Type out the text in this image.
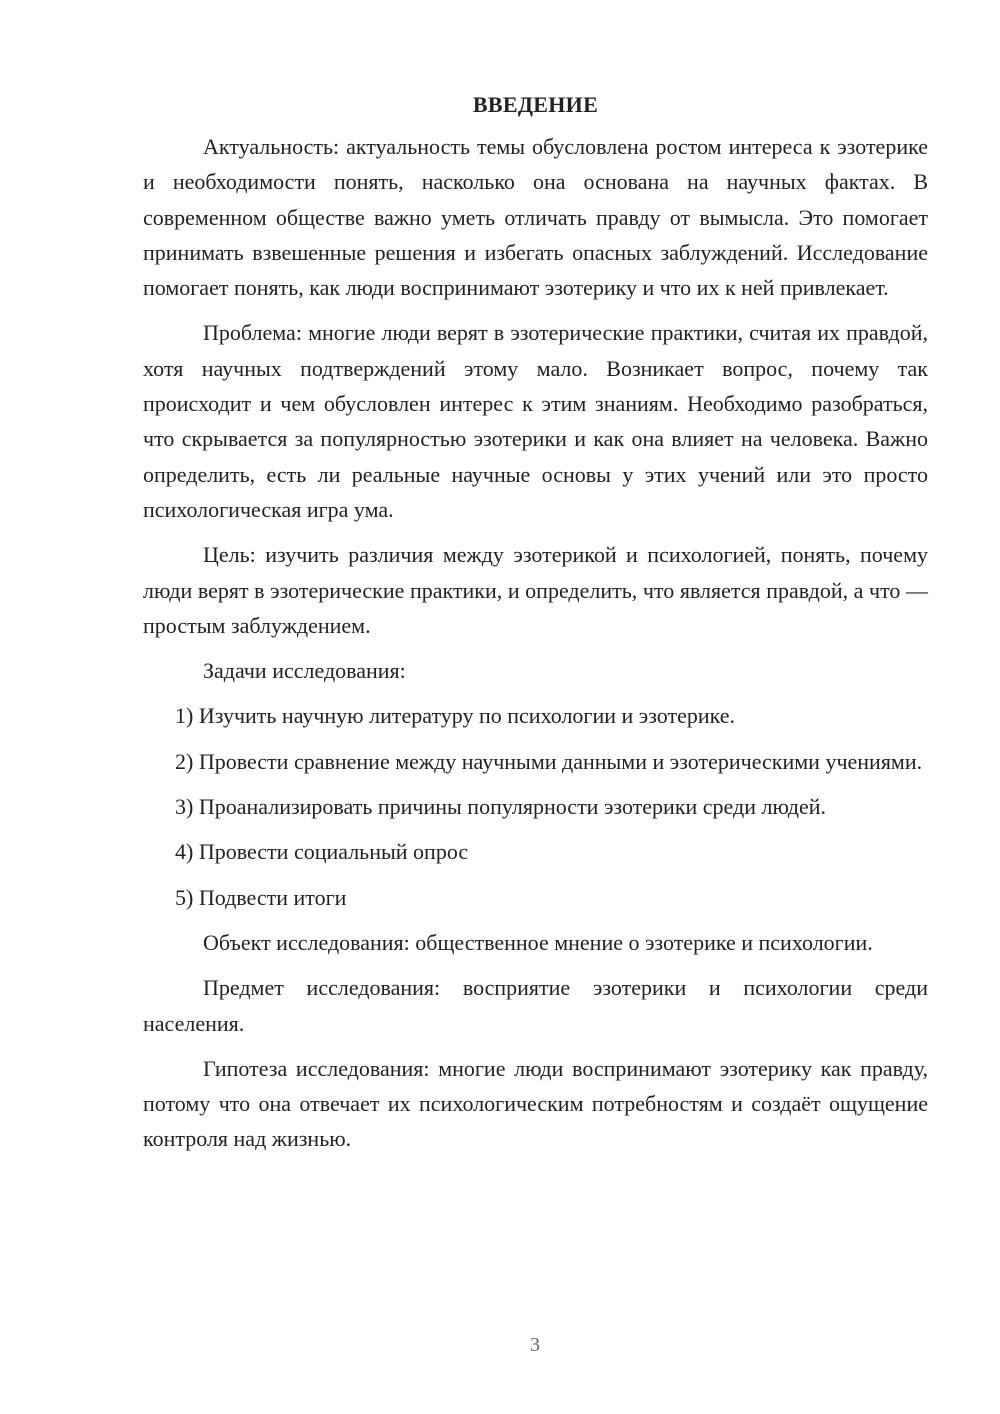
ВВЕДЕНИЕ

Актуальность: актуальность темы обусловлена ростом интереса к эзотерике и необходимости понять, насколько она основана на научных фактах. В современном обществе важно уметь отличать правду от вымысла. Это помогает принимать взвешенные решения и избегать опасных заблуждений. Исследование помогает понять, как люди воспринимают эзотерику и что их к ней привлекает.

Проблема: многие люди верят в эзотерические практики, считая их правдой, хотя научных подтверждений этому мало. Возникает вопрос, почему так происходит и чем обусловлен интерес к этим знаниям. Необходимо разобраться, что скрывается за популярностью эзотерики и как она влияет на человека. Важно определить, есть ли реальные научные основы у этих учений или это просто психологическая игра ума.

Цель: изучить различия между эзотерикой и психологией, понять, почему люди верят в эзотерические практики, и определить, что является правдой, а что — простым заблуждением.

Задачи исследования:

1) Изучить научную литературу по психологии и эзотерике.

2) Провести сравнение между научными данными и эзотерическими учениями.

3) Проанализировать причины популярности эзотерики среди людей.

4) Провести социальный опрос

5) Подвести итоги

Объект исследования: общественное мнение о эзотерике и психологии.

Предмет исследования: восприятие эзотерики и психологии среди населения.

Гипотеза исследования: многие люди воспринимают эзотерику как правду, потому что она отвечает их психологическим потребностям и создаёт ощущение контроля над жизнью.

3
